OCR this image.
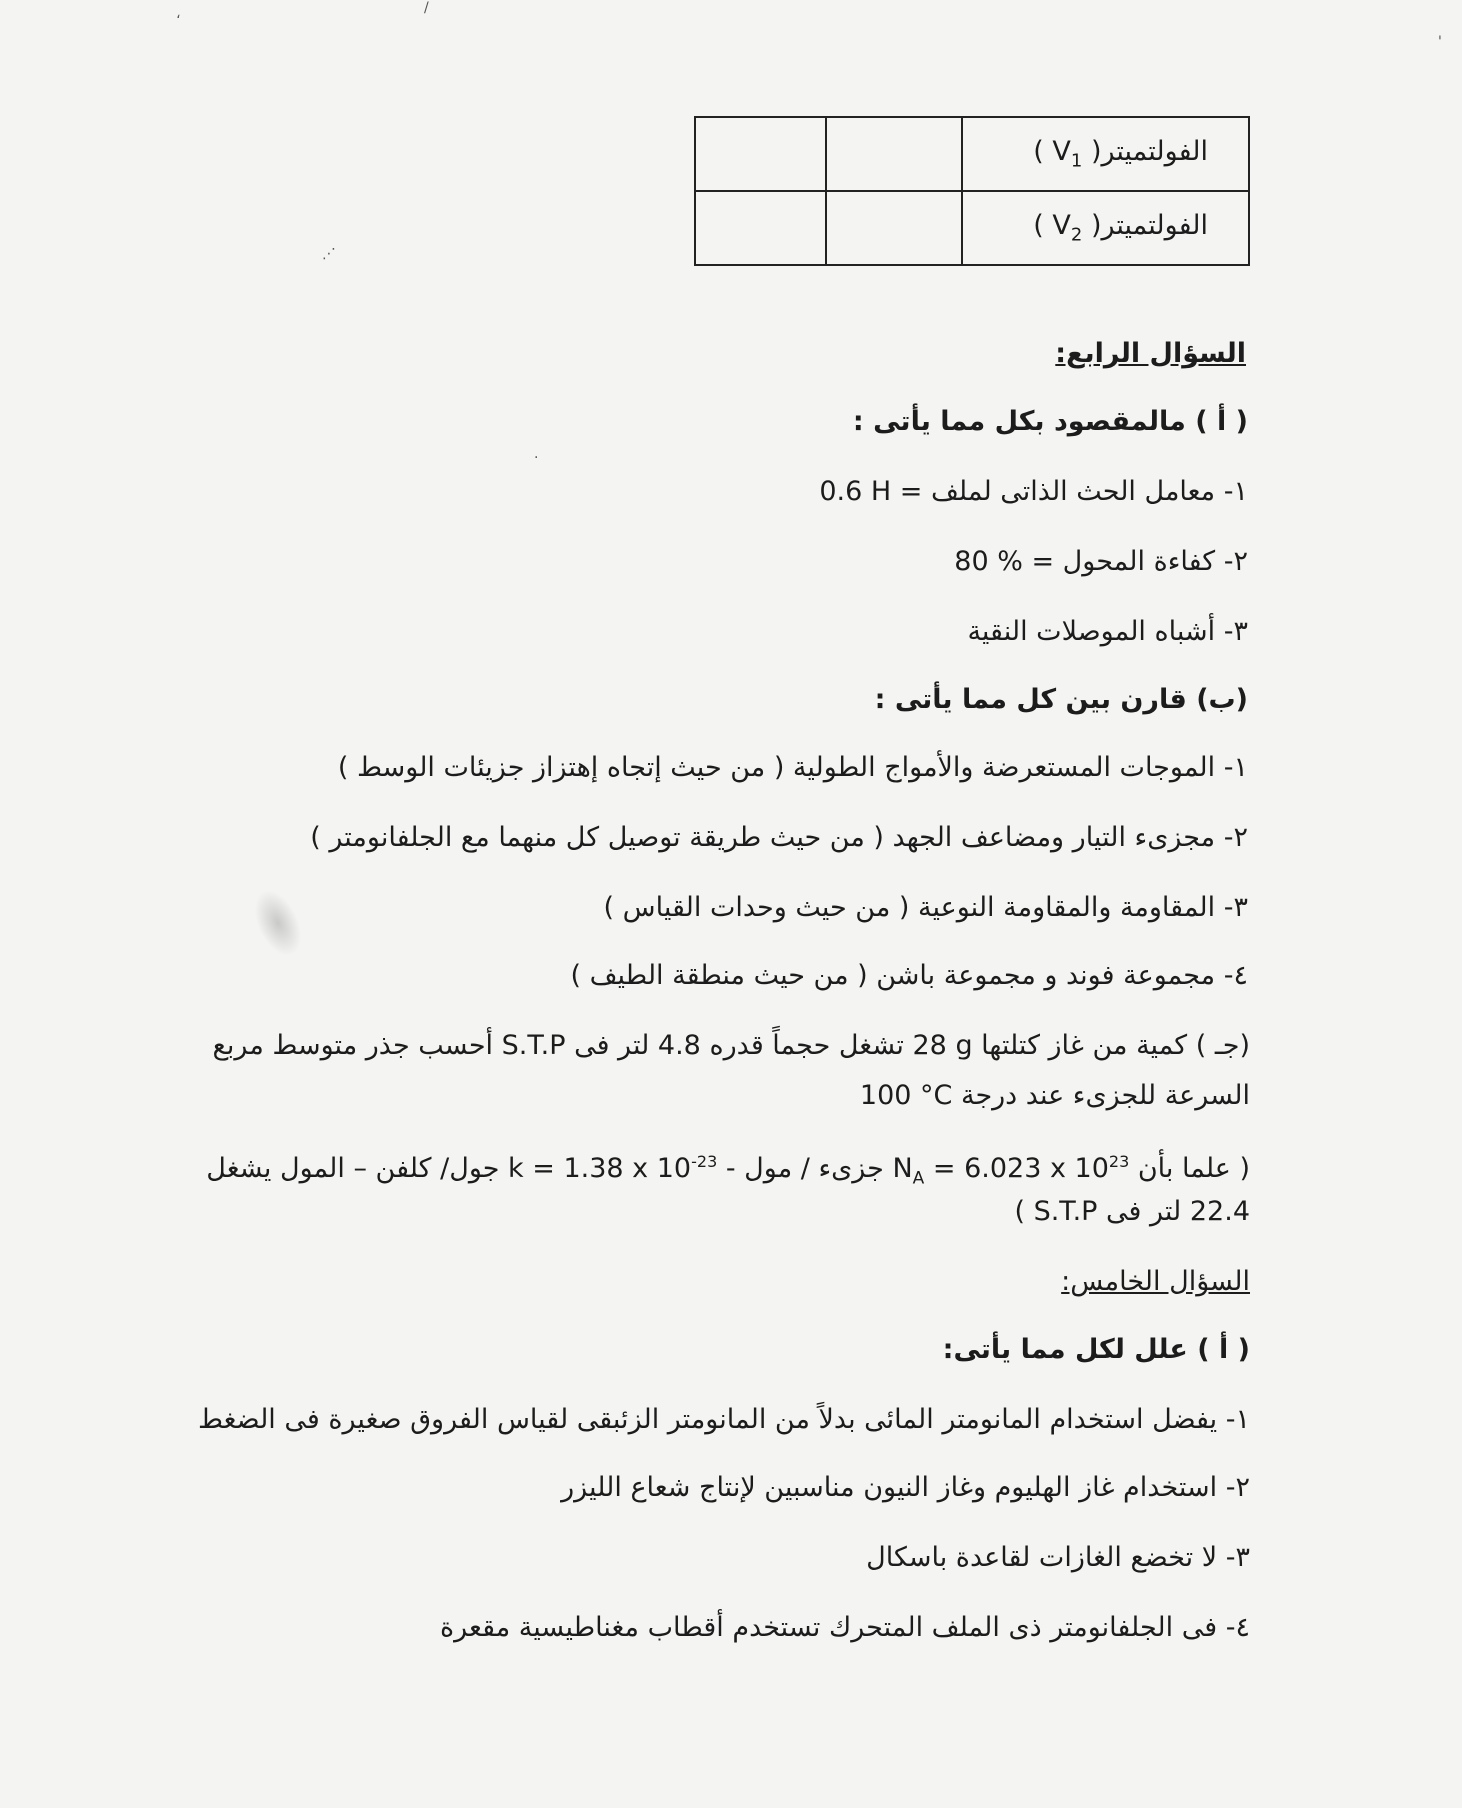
،	/
'
⋰
·
		الفولتميتر( $V_1$ )
		الفولتميتر( $V_2$ )
السؤال الرابع:
( أ ) مالمقصود بكل مما يأتى :
١- معامل الحث الذاتى لملف = 0.6 H
٢- كفاءة المحول = 80 %
٣- أشباه الموصلات النقية
(ب) قارن بين كل مما يأتى :
١- الموجات المستعرضة والأمواج الطولية ( من حيث إتجاه إهتزاز جزيئات الوسط )
٢- مجزىء التيار ومضاعف الجهد ( من حيث طريقة توصيل كل منهما مع الجلفانومتر )
٣- المقاومة والمقاومة النوعية ( من حيث وحدات القياس )
٤- مجموعة فوند و مجموعة باشن ( من حيث منطقة الطيف )
(جـ ) كمية من غاز كتلتها 28 g تشغل حجماً قدره 4.8 لتر فى S.T.P أحسب جذر متوسط مربع
السرعة للجزىء عند درجة 100 °C
( علما بأن $N_A = 6.023$ x $10^{23}$ جزىء / مول - k = 1.38 x $10^{-23}$ جول/ كلفن – المول يشغل
22.4 لتر فى S.T.P )
السؤال الخامس:
( أ ) علل لكل مما يأتى:
١- يفضل استخدام المانومتر المائى بدلاً من المانومتر الزئبقى لقياس الفروق صغيرة فى الضغط
٢- استخدام غاز الهليوم وغاز النيون مناسبين لإنتاج شعاع الليزر
٣- لا تخضع الغازات لقاعدة باسكال
٤- فى الجلفانومتر ذى الملف المتحرك تستخدم أقطاب مغناطيسية مقعرة
